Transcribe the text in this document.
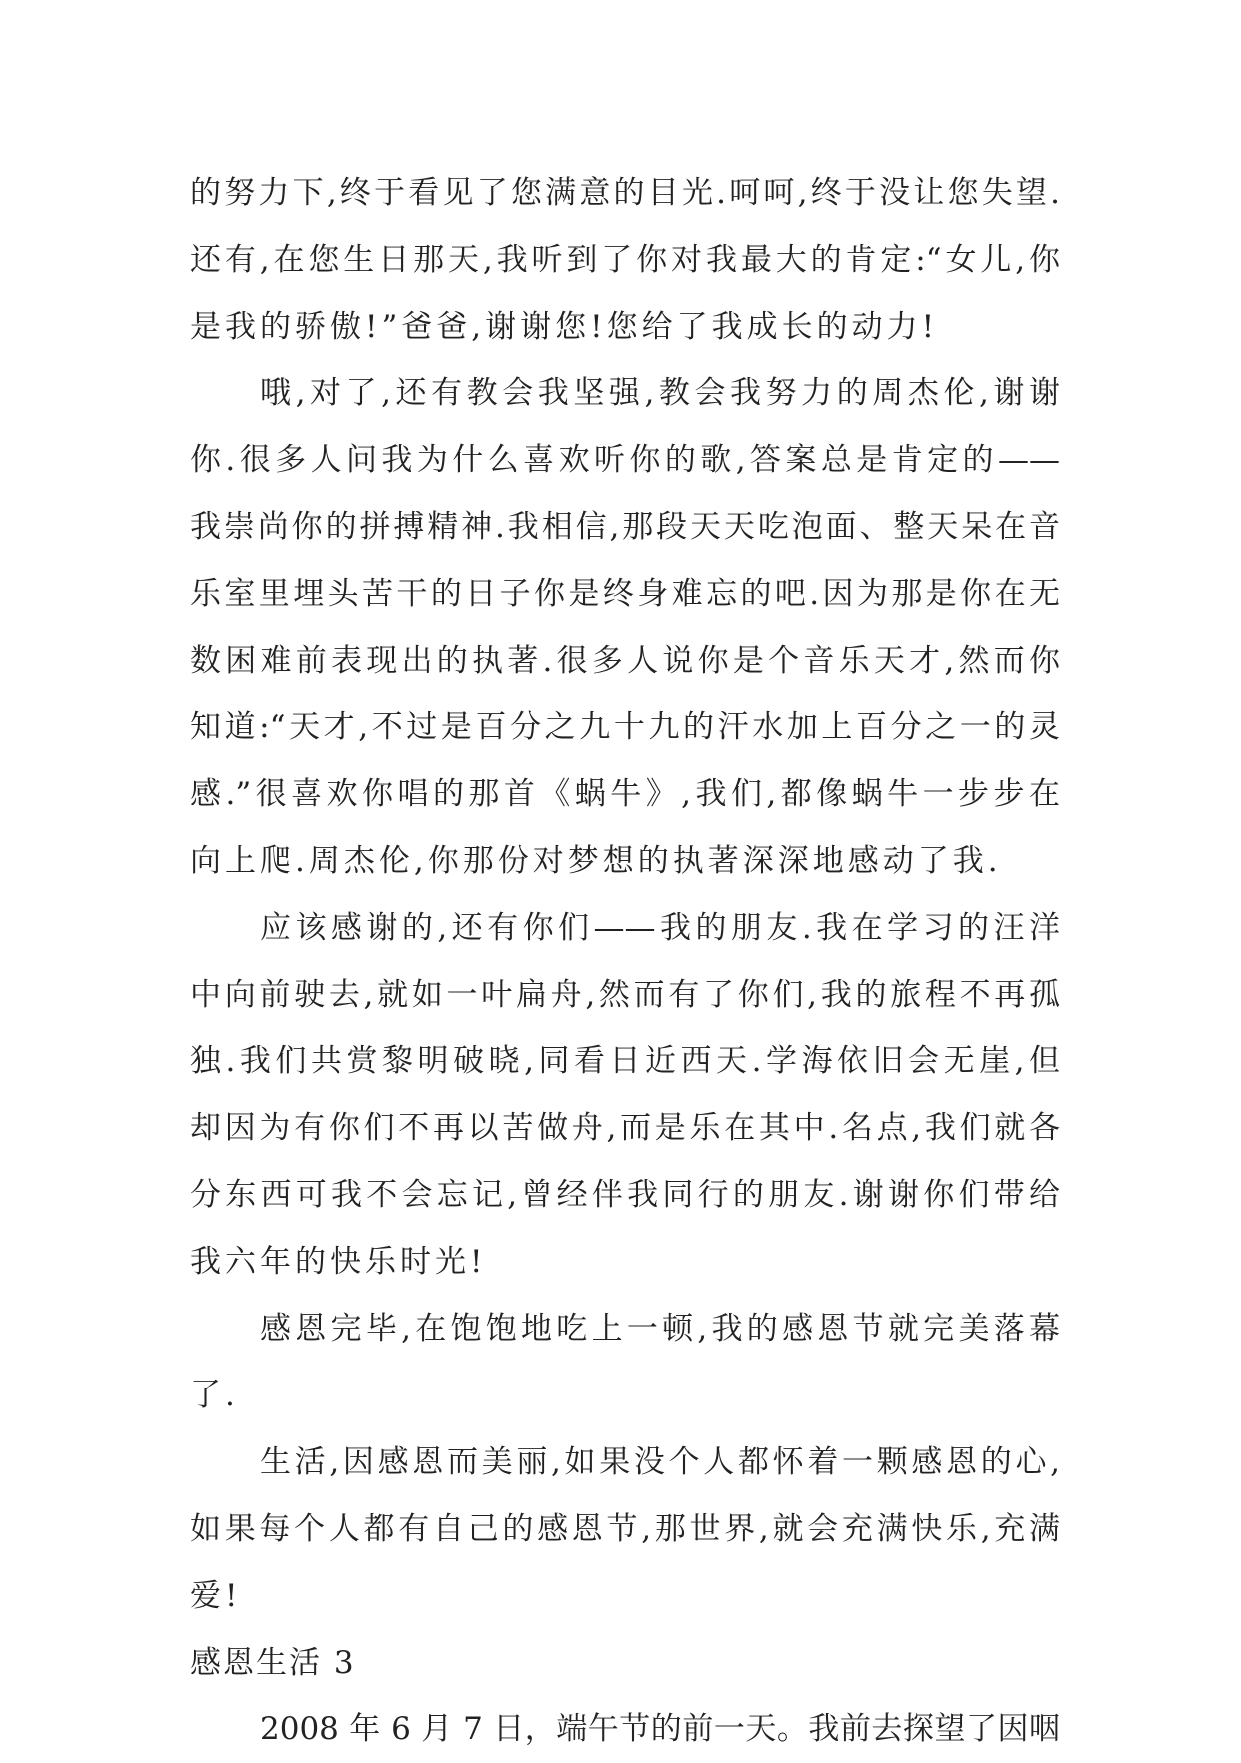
的努力下,终于看见了您满意的目光.呵呵,终于没让您失望.
还有,在您生日那天,我听到了你对我最大的肯定:“女儿,你
是我的骄傲!”爸爸,谢谢您!您给了我成长的动力!
哦,对了,还有教会我坚强,教会我努力的周杰伦,谢谢
你.很多人问我为什么喜欢听你的歌,答案总是肯定的——
我崇尚你的拼搏精神.我相信,那段天天吃泡面、整天呆在音
乐室里埋头苦干的日子你是终身难忘的吧.因为那是你在无
数困难前表现出的执著.很多人说你是个音乐天才,然而你
知道:“天才,不过是百分之九十九的汗水加上百分之一的灵
感.”很喜欢你唱的那首《蜗牛》,我们,都像蜗牛一步步在
向上爬.周杰伦,你那份对梦想的执著深深地感动了我.
应该感谢的,还有你们——我的朋友.我在学习的汪洋
中向前驶去,就如一叶扁舟,然而有了你们,我的旅程不再孤
独.我们共赏黎明破晓,同看日近西天.学海依旧会无崖,但
却因为有你们不再以苦做舟,而是乐在其中.名点,我们就各
分东西可我不会忘记,曾经伴我同行的朋友.谢谢你们带给
我六年的快乐时光!
感恩完毕,在饱饱地吃上一顿,我的感恩节就完美落幕
了.
生活,因感恩而美丽,如果没个人都怀着一颗感恩的心,
如果每个人都有自己的感恩节,那世界,就会充满快乐,充满
爱!
感恩生活 3
2008 年 6 月 7 日，端午节的前一天。我前去探望了因咽
